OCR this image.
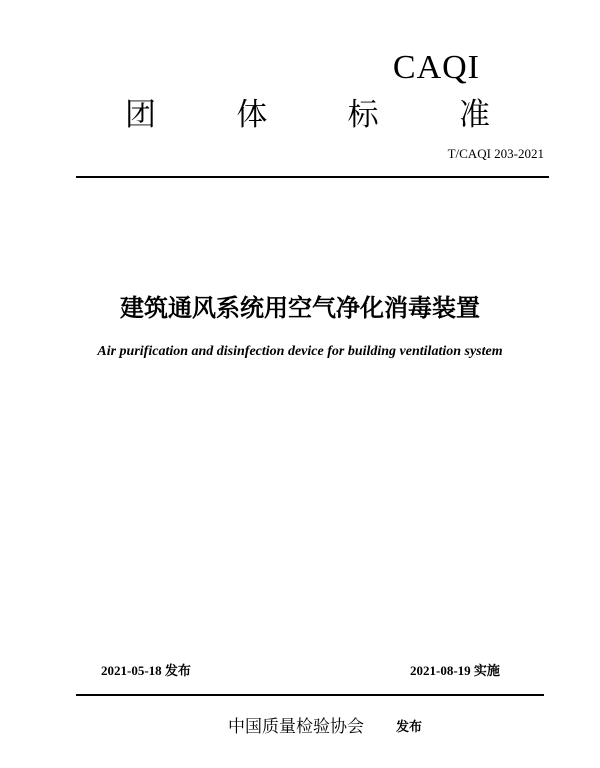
CAQI
团	体	标	准
T/CAQI 203-2021
建筑通风系统用空气净化消毒装置
Air purification and disinfection device for building ventilation system
2021-05-18 发布	2021-08-19 实施
中国质量检验协会 发布
